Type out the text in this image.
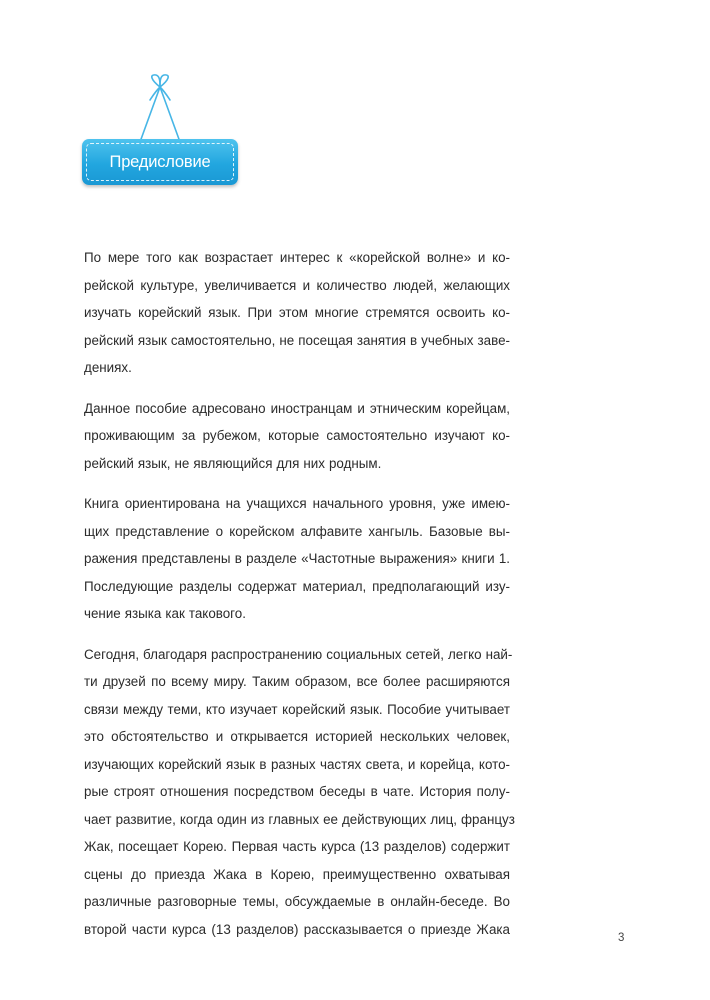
Предисловие

По мере того как возрастает интерес к «корейской волне» и ко-
рейской культуре, увеличивается и количество людей, желающих
изучать корейский язык. При этом многие стремятся освоить ко-
рейский язык самостоятельно, не посещая занятия в учебных заве-
дениях.

Данное пособие адресовано иностранцам и этническим корейцам,
проживающим за рубежом, которые самостоятельно изучают ко-
рейский язык, не являющийся для них родным.

Книга ориентирована на учащихся начального уровня, уже имею-
щих представление о корейском алфавите хангыль. Базовые вы-
ражения представлены в разделе «Частотные выражения» книги 1.
Последующие разделы содержат материал, предполагающий изу-
чение языка как такового.

Сегодня, благодаря распространению социальных сетей, легко най-
ти друзей по всему миру. Таким образом, все более расширяются
связи между теми, кто изучает корейский язык. Пособие учитывает
это обстоятельство и открывается историей нескольких человек,
изучающих корейский язык в разных частях света, и корейца, кото-
рые строят отношения посредством беседы в чате. История полу-
чает развитие, когда один из главных ее действующих лиц, француз
Жак, посещает Корею. Первая часть курса (13 разделов) содержит
сцены до приезда Жака в Корею, преимущественно охватывая
различные разговорные темы, обсуждаемые в онлайн-беседе. Во
второй части курса (13 разделов) рассказывается о приезде Жака

3
